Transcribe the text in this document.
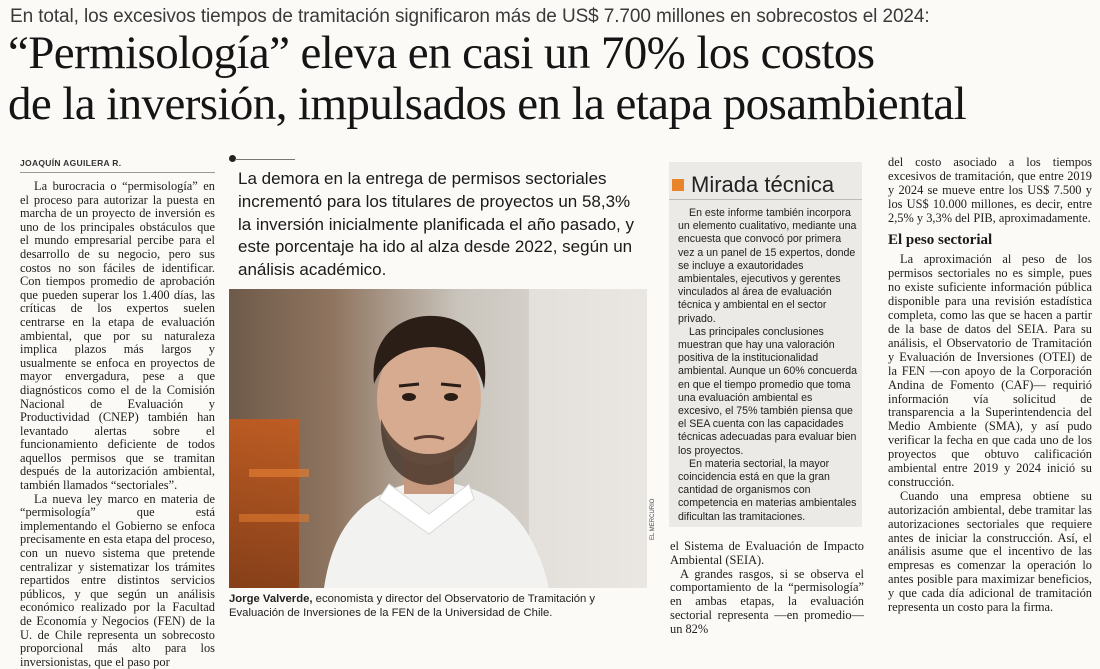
En total, los excesivos tiempos de tramitación significaron más de US$ 7.700 millones en sobrecostos el 2024:
“Permisología” eleva en casi un 70% los costos
de la inversión, impulsados en la etapa posambiental
JOAQUÍN AGUILERA R.

La burocracia o “permisología” en el proceso para autorizar la puesta en marcha de un proyecto de inversión es uno de los principales obstáculos que el mundo empresarial percibe para el desarrollo de su negocio, pero sus costos no son fáciles de identificar. Con tiempos promedio de aprobación que pueden superar los 1.400 días, las críticas de los expertos suelen centrarse en la etapa de evaluación ambiental, que por su naturaleza implica plazos más largos y usualmente se enfoca en proyectos de mayor envergadura, pese a que diagnósticos como el de la Comisión Nacional de Evaluación y Productividad (CNEP) también han levantado alertas sobre el funcionamiento deficiente de todos aquellos permisos que se tramitan después de la autorización ambiental, también llamados “sectoriales”.

La nueva ley marco en materia de “permisología” que está implementando el Gobierno se enfoca precisamente en esta etapa del proceso, con un nuevo sistema que pretende centralizar y sistematizar los trámites repartidos entre distintos servicios públicos, y que según un análisis económico realizado por la Facultad de Economía y Negocios (FEN) de la U. de Chile representa un sobrecosto proporcional más alto para los inversionistas, que el paso por

La demora en la entrega de permisos sectoriales incrementó para los titulares de proyectos un 58,3% la inversión inicialmente planificada el año pasado, y este porcentaje ha ido al alza desde 2022, según un análisis académico.
EL MERCURIO
Jorge Valverde, economista y director del Observatorio de Tramitación y Evaluación de Inversiones de la FEN de la Universidad de Chile.
Mirada técnica

En este informe también incorpora un elemento cualitativo, mediante una encuesta que convocó por primera vez a un panel de 15 expertos, donde se incluye a exautoridades ambientales, ejecutivos y gerentes vinculados al área de evaluación técnica y ambiental en el sector privado.

Las principales conclusiones muestran que hay una valoración positiva de la institucionalidad ambiental. Aunque un 60% concuerda en que el tiempo promedio que toma una evaluación ambiental es excesivo, el 75% también piensa que el SEA cuenta con las capacidades técnicas adecuadas para evaluar bien los proyectos.

En materia sectorial, la mayor coincidencia está en que la gran cantidad de organismos con competencia en materias ambientales dificultan las tramitaciones.

el Sistema de Evaluación de Impacto Ambiental (SEIA).

A grandes rasgos, si se observa el comportamiento de la “permisología” en ambas etapas, la evaluación sectorial representa —en promedio— un 82%

del costo asociado a los tiempos excesivos de tramitación, que entre 2019 y 2024 se mueve entre los US$ 7.500 y los US$ 10.000 millones, es decir, entre 2,5% y 3,3% del PIB, aproximadamente.

El peso sectorial

La aproximación al peso de los permisos sectoriales no es simple, pues no existe suficiente información pública disponible para una revisión estadística completa, como las que se hacen a partir de la base de datos del SEIA. Para su análisis, el Observatorio de Tramitación y Evaluación de Inversiones (OTEI) de la FEN —con apoyo de la Corporación Andina de Fomento (CAF)— requirió información vía solicitud de transparencia a la Superintendencia del Medio Ambiente (SMA), y así pudo verificar la fecha en que cada uno de los proyectos que obtuvo calificación ambiental entre 2019 y 2024 inició su construcción.

Cuando una empresa obtiene su autorización ambiental, debe tramitar las autorizaciones sectoriales que requiere antes de iniciar la construcción. Así, el análisis asume que el incentivo de las empresas es comenzar la operación lo antes posible para maximizar beneficios, y que cada día adicional de tramitación representa un costo para la firma.
